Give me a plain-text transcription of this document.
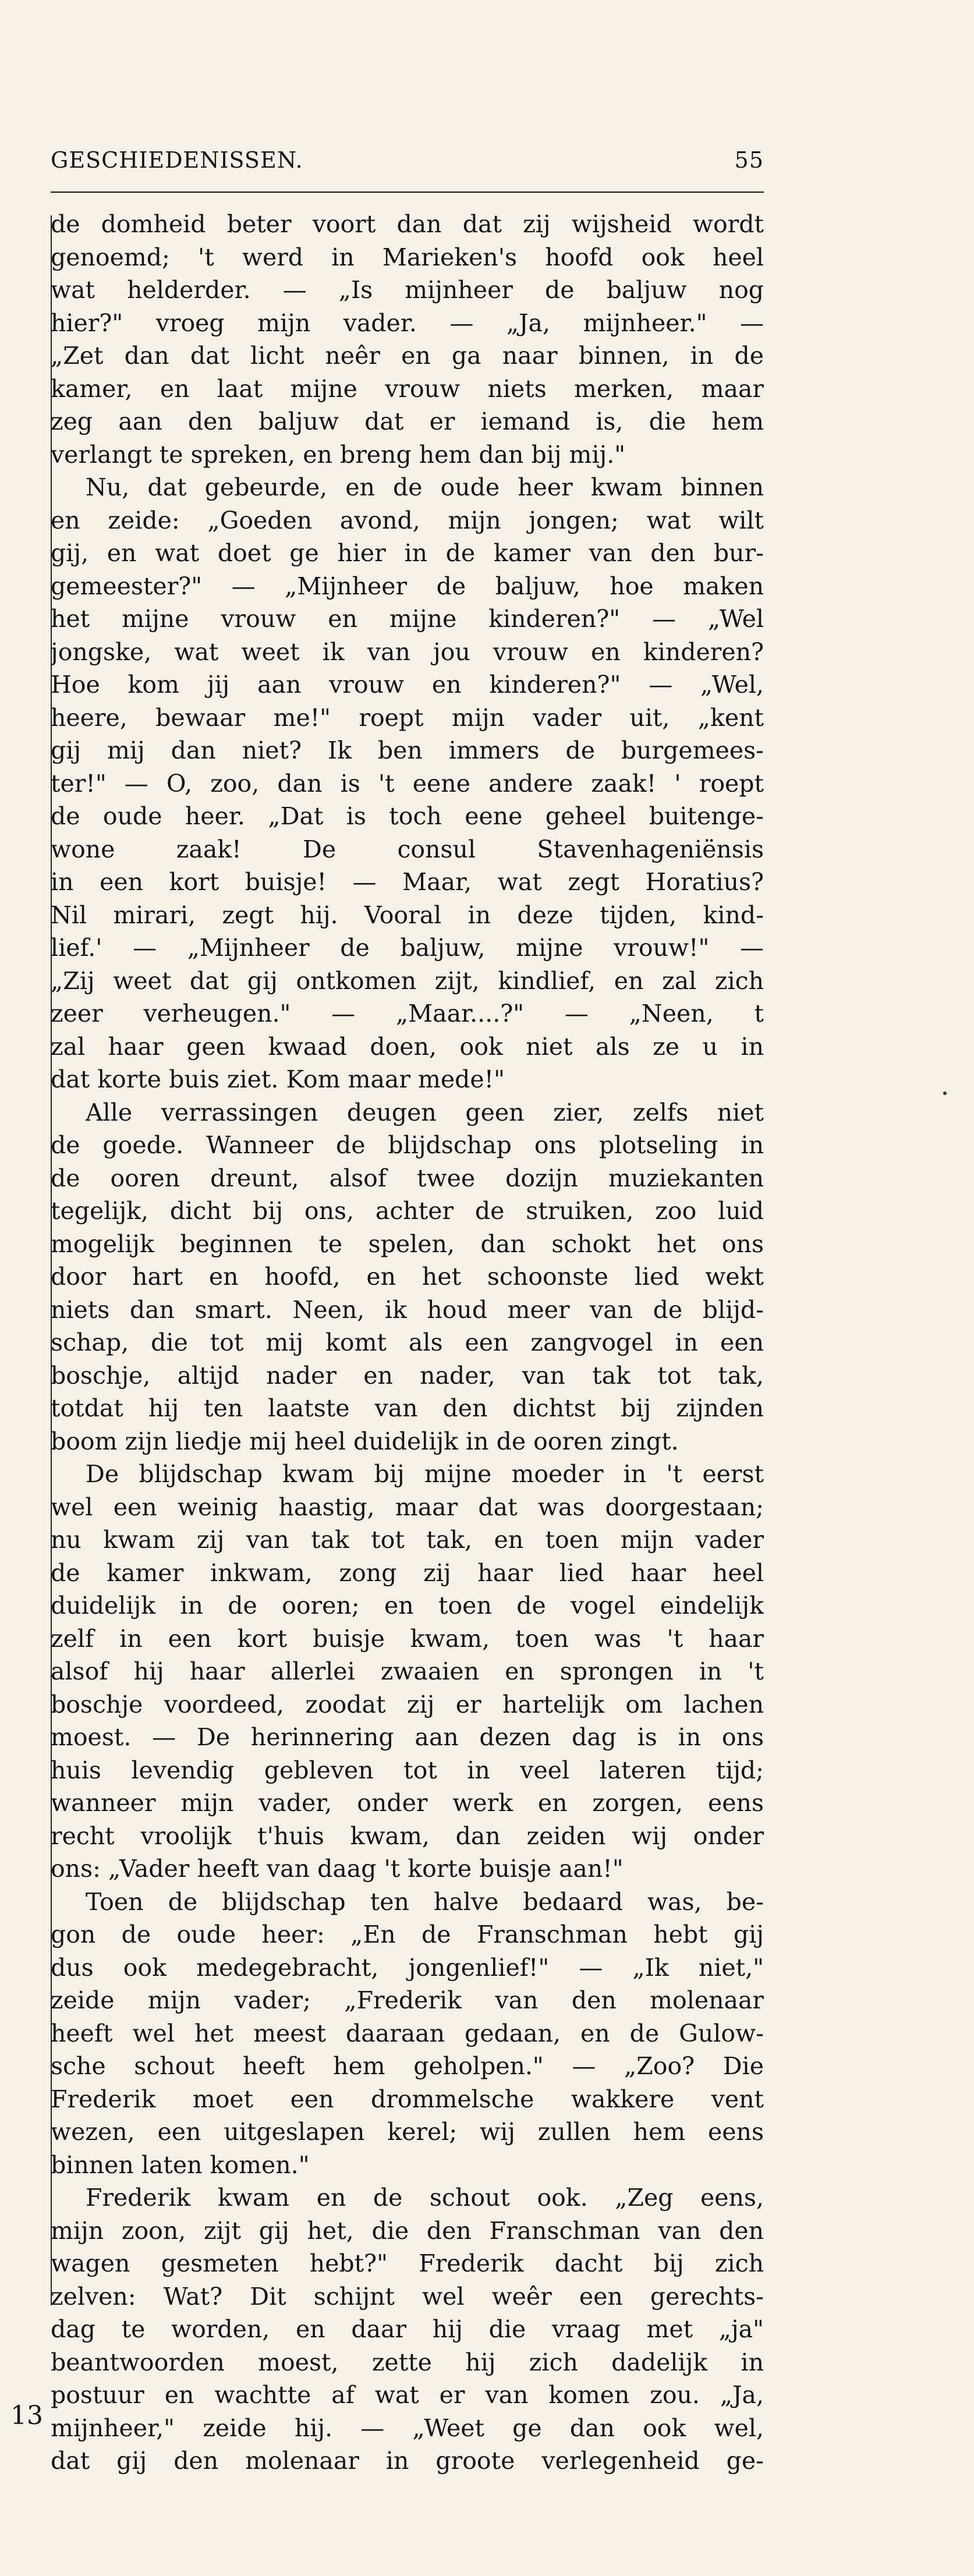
GESCHIEDENISSEN.	55
de domheid beter voort dan dat zij wijsheid wordt
genoemd; 't werd in Marieken's hoofd ook heel
wat helderder. — „Is mijnheer de baljuw nog
hier?" vroeg mijn vader. — „Ja, mijnheer." —
„Zet dan dat licht neêr en ga naar binnen, in de
kamer, en laat mijne vrouw niets merken, maar
zeg aan den baljuw dat er iemand is, die hem
verlangt te spreken, en breng hem dan bij mij."
Nu, dat gebeurde, en de oude heer kwam binnen
en zeide: „Goeden avond, mijn jongen; wat wilt
gij, en wat doet ge hier in de kamer van den bur-
gemeester?" — „Mijnheer de baljuw, hoe maken
het mijne vrouw en mijne kinderen?" — „Wel
jongske, wat weet ik van jou vrouw en kinderen?
Hoe kom jij aan vrouw en kinderen?" — „Wel,
heere, bewaar me!" roept mijn vader uit, „kent
gij mij dan niet? Ik ben immers de burgemees-
ter!" — O, zoo, dan is 't eene andere zaak! ' roept
de oude heer. „Dat is toch eene geheel buitenge-
wone zaak! De consul Stavenhageniënsis
in een kort buisje! — Maar, wat zegt Horatius?
Nil mirari, zegt hij. Vooral in deze tijden, kind-
lief.' — „Mijnheer de baljuw, mijne vrouw!" —
„Zij weet dat gij ontkomen zijt, kindlief, en zal zich
zeer verheugen." — „Maar....?" — „Neen, t
zal haar geen kwaad doen, ook niet als ze u in
dat korte buis ziet. Kom maar mede!"
Alle verrassingen deugen geen zier, zelfs niet
de goede. Wanneer de blijdschap ons plotseling in
de ooren dreunt, alsof twee dozijn muziekanten
tegelijk, dicht bij ons, achter de struiken, zoo luid
mogelijk beginnen te spelen, dan schokt het ons
door hart en hoofd, en het schoonste lied wekt
niets dan smart. Neen, ik houd meer van de blijd-
schap, die tot mij komt als een zangvogel in een
boschje, altijd nader en nader, van tak tot tak,
totdat hij ten laatste van den dichtst bij zijnden
boom zijn liedje mij heel duidelijk in de ooren zingt.
De blijdschap kwam bij mijne moeder in 't eerst
wel een weinig haastig, maar dat was doorgestaan;
nu kwam zij van tak tot tak, en toen mijn vader
de kamer inkwam, zong zij haar lied haar heel
duidelijk in de ooren; en toen de vogel eindelijk
zelf in een kort buisje kwam, toen was 't haar
alsof hij haar allerlei zwaaien en sprongen in 't
boschje voordeed, zoodat zij er hartelijk om lachen
moest. — De herinnering aan dezen dag is in ons
huis levendig gebleven tot in veel lateren tijd;
wanneer mijn vader, onder werk en zorgen, eens
recht vroolijk t'huis kwam, dan zeiden wij onder
ons: „Vader heeft van daag 't korte buisje aan!"
Toen de blijdschap ten halve bedaard was, be-
gon de oude heer: „En de Franschman hebt gij
dus ook medegebracht, jongenlief!" — „Ik niet,"
zeide mijn vader; „Frederik van den molenaar
heeft wel het meest daaraan gedaan, en de Gulow-
sche schout heeft hem geholpen." — „Zoo? Die
Frederik moet een drommelsche wakkere vent
wezen, een uitgeslapen kerel; wij zullen hem eens
binnen laten komen."
Frederik kwam en de schout ook. „Zeg eens,
mijn zoon, zijt gij het, die den Franschman van den
wagen gesmeten hebt?" Frederik dacht bij zich
zelven: Wat? Dit schijnt wel weêr een gerechts-
dag te worden, en daar hij die vraag met „ja"
beantwoorden moest, zette hij zich dadelijk in
postuur en wachtte af wat er van komen zou. „Ja,
mijnheer," zeide hij. — „Weet ge dan ook wel,
dat gij den molenaar in groote verlegenheid ge-
13
